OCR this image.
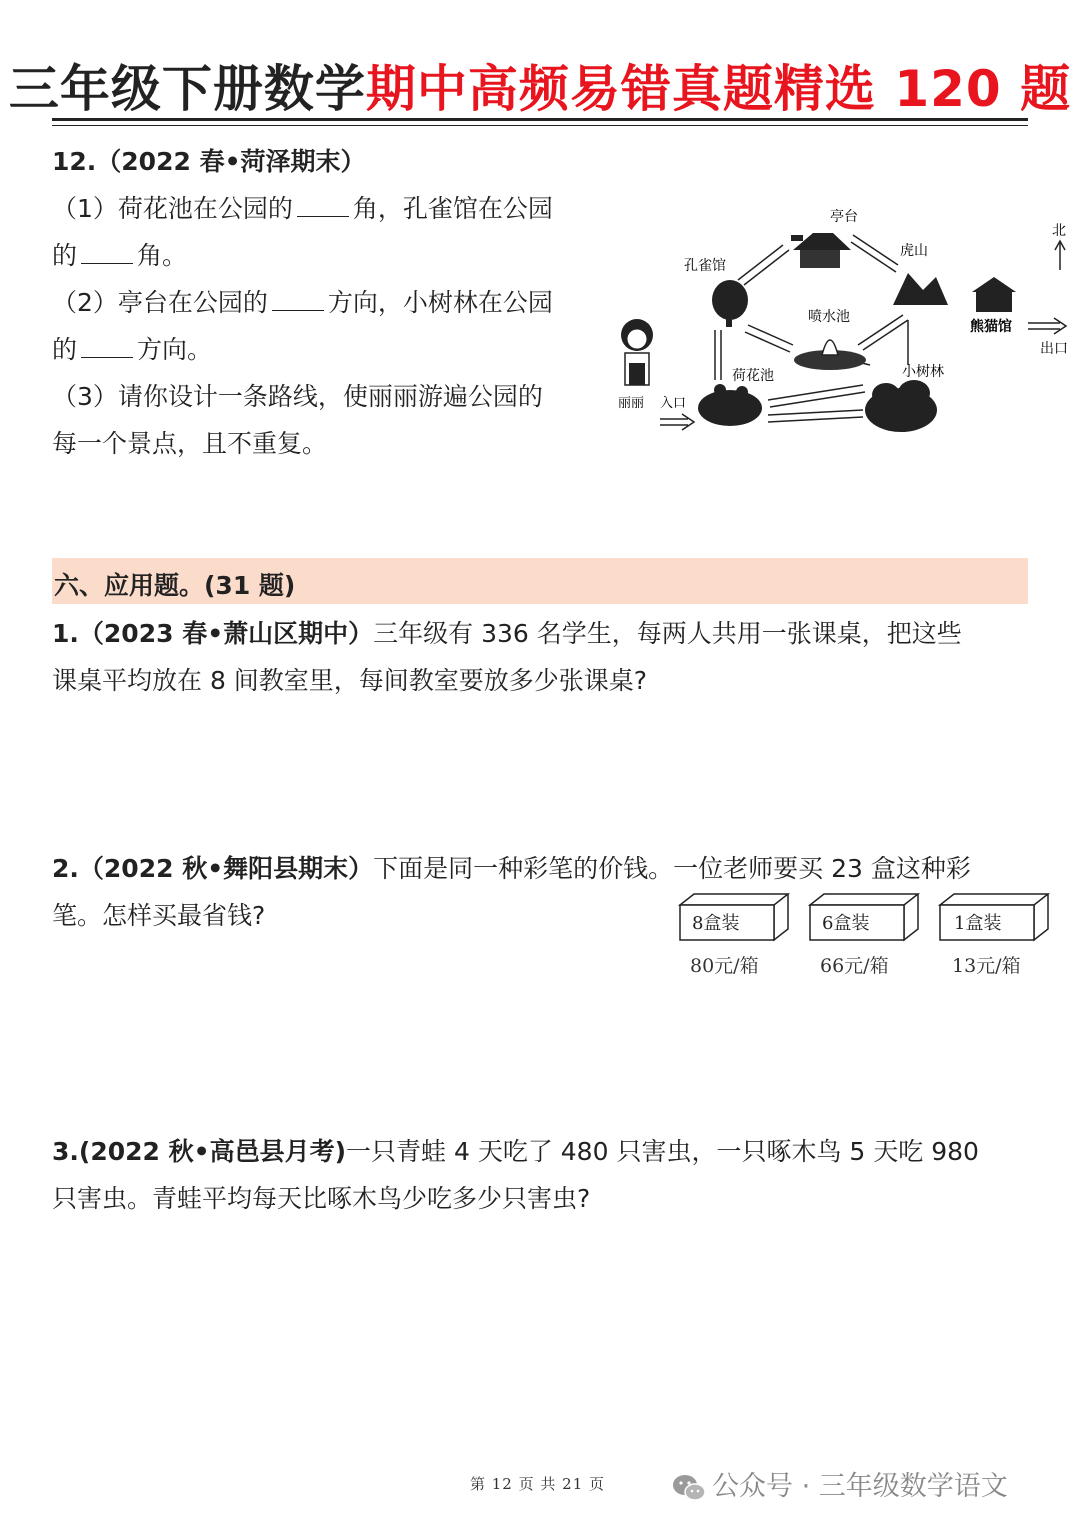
三年级下册数学期中高频易错真题精选 120 题
12.（2022 春•菏泽期末）
（1）荷花池在公园的 角，孔雀馆在公园
的 角。
（2）亭台在公园的 方向，小树林在公园
的 方向。
（3）请你设计一条路线，使丽丽游遍公园的
每一个景点，且不重复。
亭台
孔雀馆
虎山
熊猫馆
出口
北
喷水池
荷花池	小树林
丽丽 入口
六、应用题。(31 题)
1.（2023 春•萧山区期中）三年级有 336 名学生，每两人共用一张课桌，把这些
课桌平均放在 8 间教室里，每间教室要放多少张课桌?
2.（2022 秋•舞阳县期末）下面是同一种彩笔的价钱。一位老师要买 23 盒这种彩
笔。怎样买最省钱?	8盒装
80元/箱
6盒装
66元/箱
1盒装
13元/箱
3.(2022 秋•高邑县月考)一只青蛙 4 天吃了 480 只害虫，一只啄木鸟 5 天吃 980
只害虫。青蛙平均每天比啄木鸟少吃多少只害虫?
第 12 页 共 21 页	公众号 · 三年级数学语文
